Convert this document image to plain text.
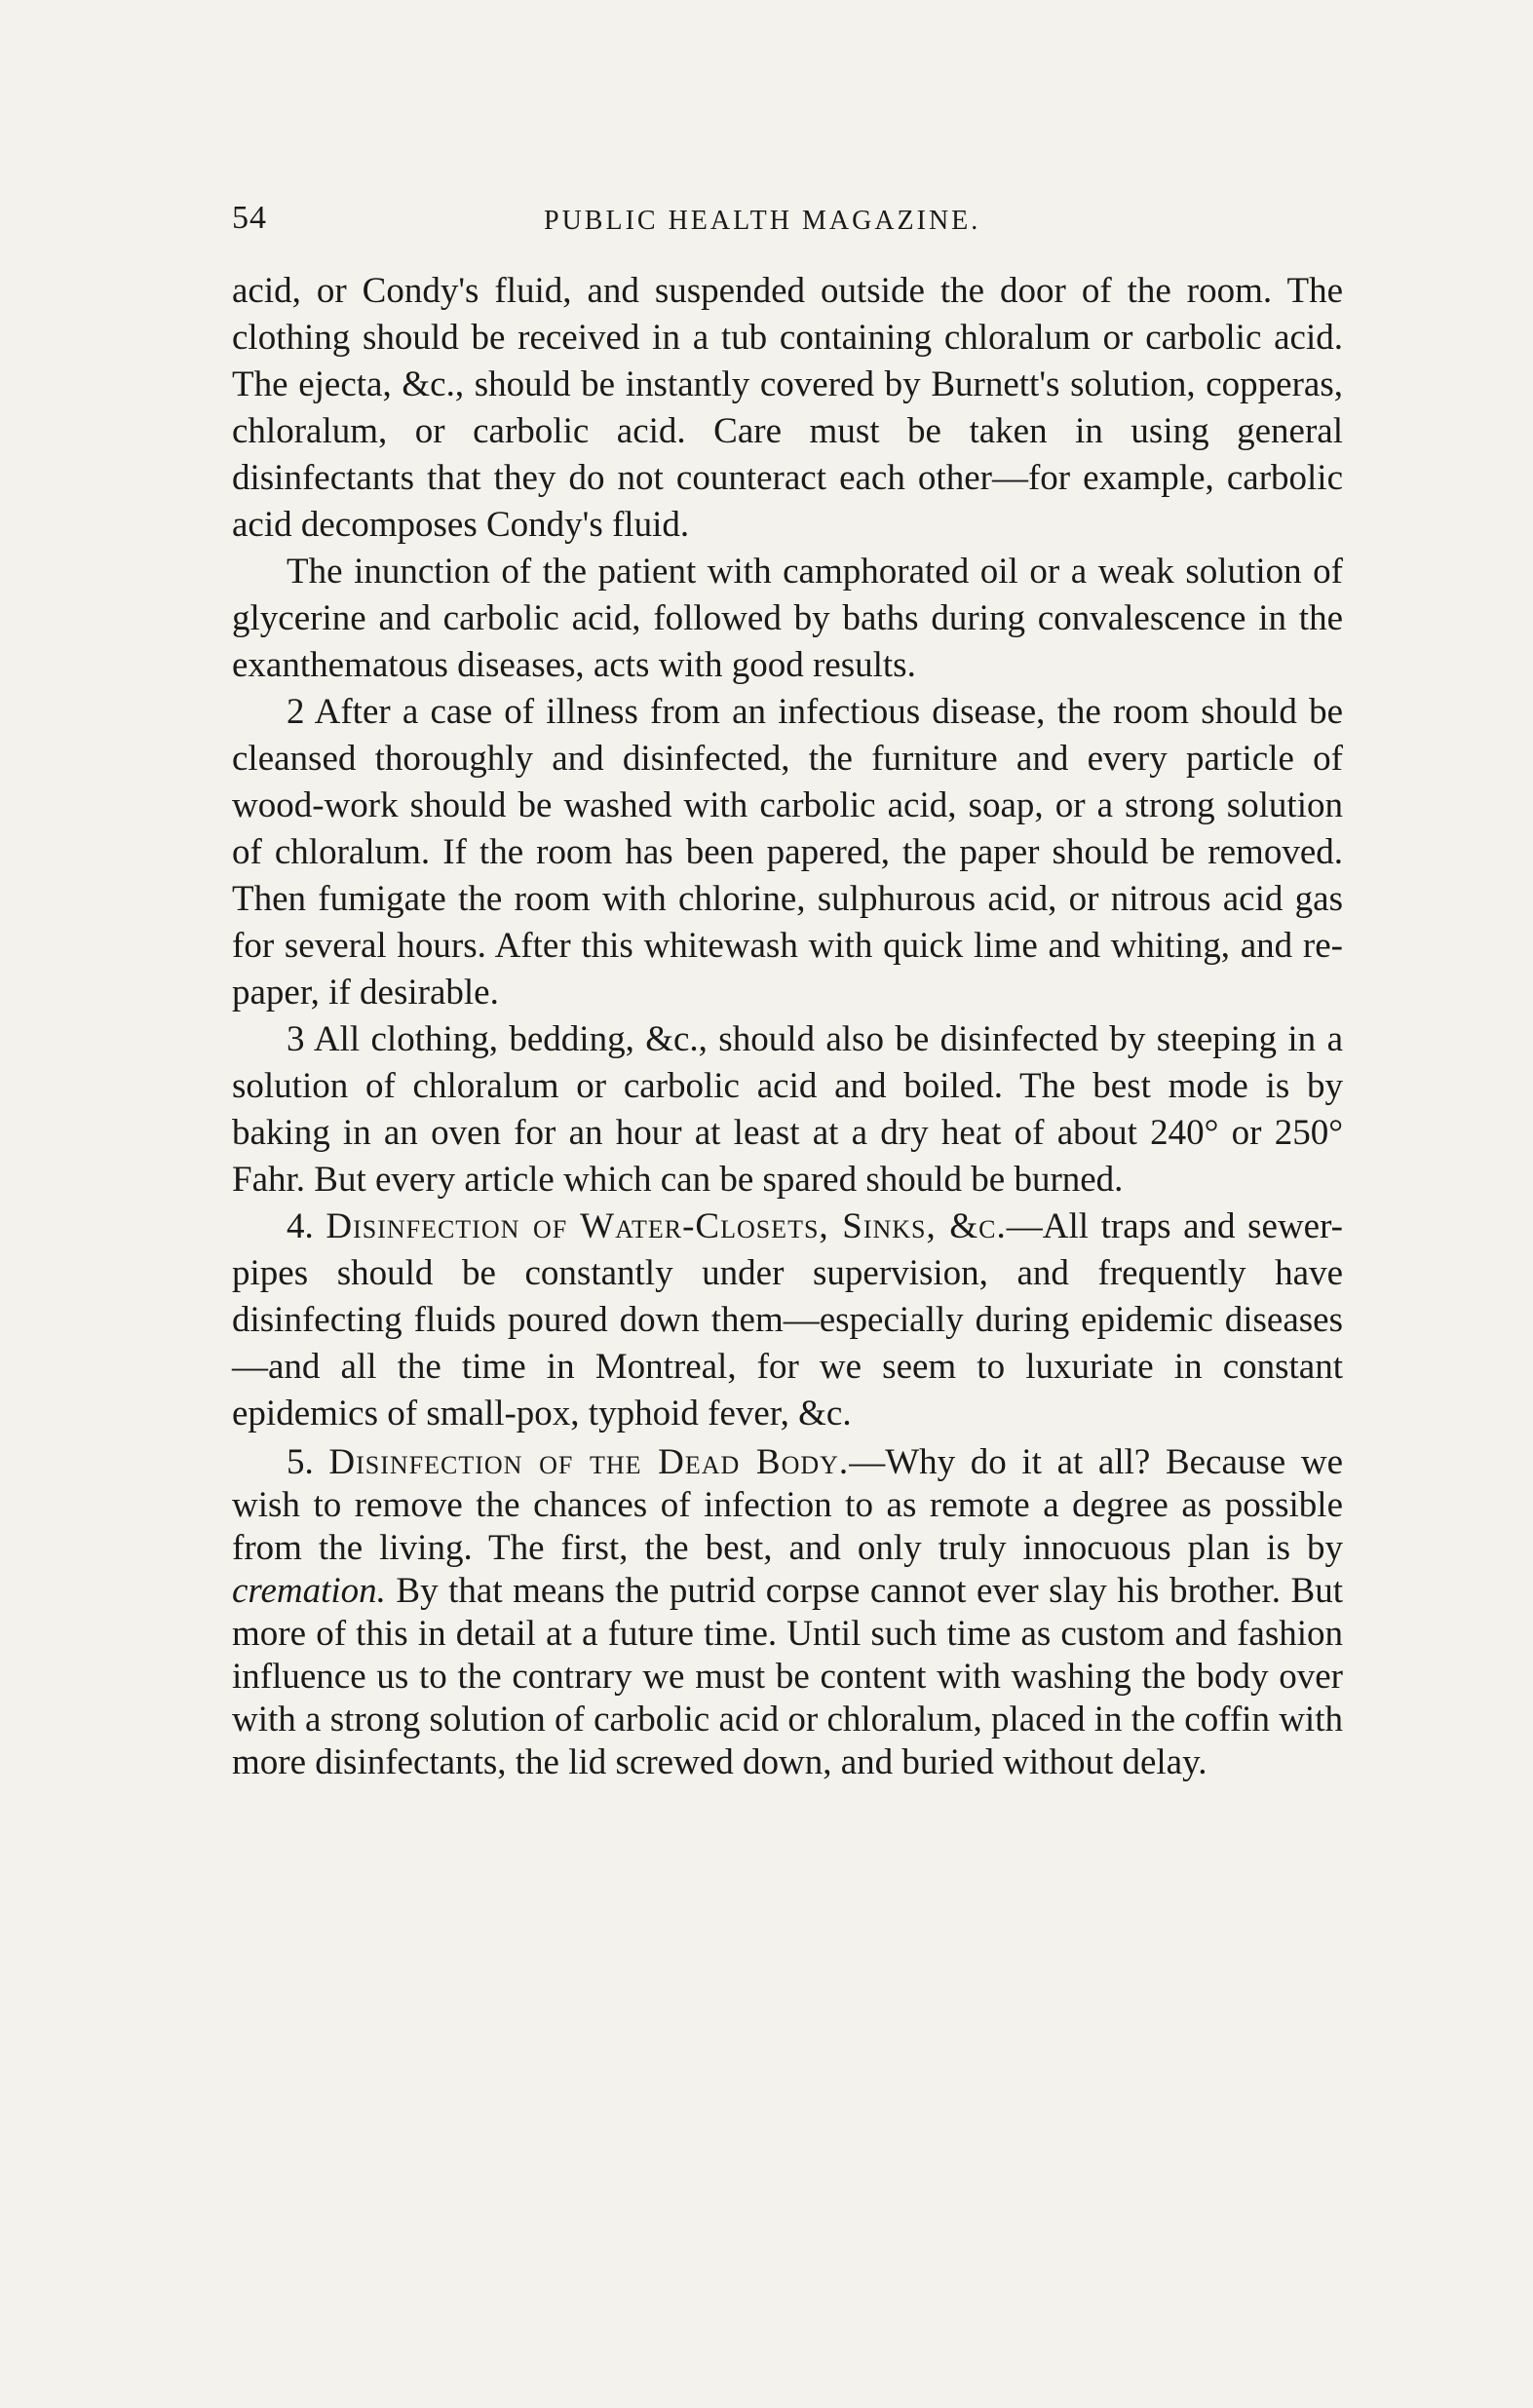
54	PUBLIC HEALTH MAGAZINE.

acid, or Condy's fluid, and suspended outside the door of the room. The clothing should be received in a tub containing chloralum or carbolic acid. The ejecta, &c., should be instantly covered by Burnett's solution, copperas, chloralum, or carbolic acid. Care must be taken in using general disinfectants that they do not counteract each other—for example, carbolic acid decomposes Condy's fluid.

The inunction of the patient with camphorated oil or a weak solution of glycerine and carbolic acid, followed by baths during convalescence in the exanthematous diseases, acts with good results.

2 After a case of illness from an infectious disease, the room should be cleansed thoroughly and disinfected, the furniture and every particle of wood-work should be washed with carbolic acid, soap, or a strong solution of chloralum. If the room has been papered, the paper should be removed. Then fumigate the room with chlorine, sulphurous acid, or nitrous acid gas for several hours. After this whitewash with quick lime and whiting, and re-paper, if desirable.

3 All clothing, bedding, &c., should also be disinfected by steeping in a solution of chloralum or carbolic acid and boiled. The best mode is by baking in an oven for an hour at least at a dry heat of about 240° or 250° Fahr. But every article which can be spared should be burned.

4. Disinfection of Water-Closets, Sinks, &c.—All traps and sewer-pipes should be constantly under supervision, and frequently have disinfecting fluids poured down them—especially during epidemic diseases—and all the time in Montreal, for we seem to luxuriate in constant epidemics of small-pox, typhoid fever, &c.

5. Disinfection of the Dead Body.—Why do it at all? Because we wish to remove the chances of infection to as remote a degree as possible from the living. The first, the best, and only truly innocuous plan is by cremation. By that means the putrid corpse cannot ever slay his brother. But more of this in detail at a future time. Until such time as custom and fashion influence us to the contrary we must be content with washing the body over with a strong solution of carbolic acid or chloralum, placed in the coffin with more disinfectants, the lid screwed down, and buried without delay.
